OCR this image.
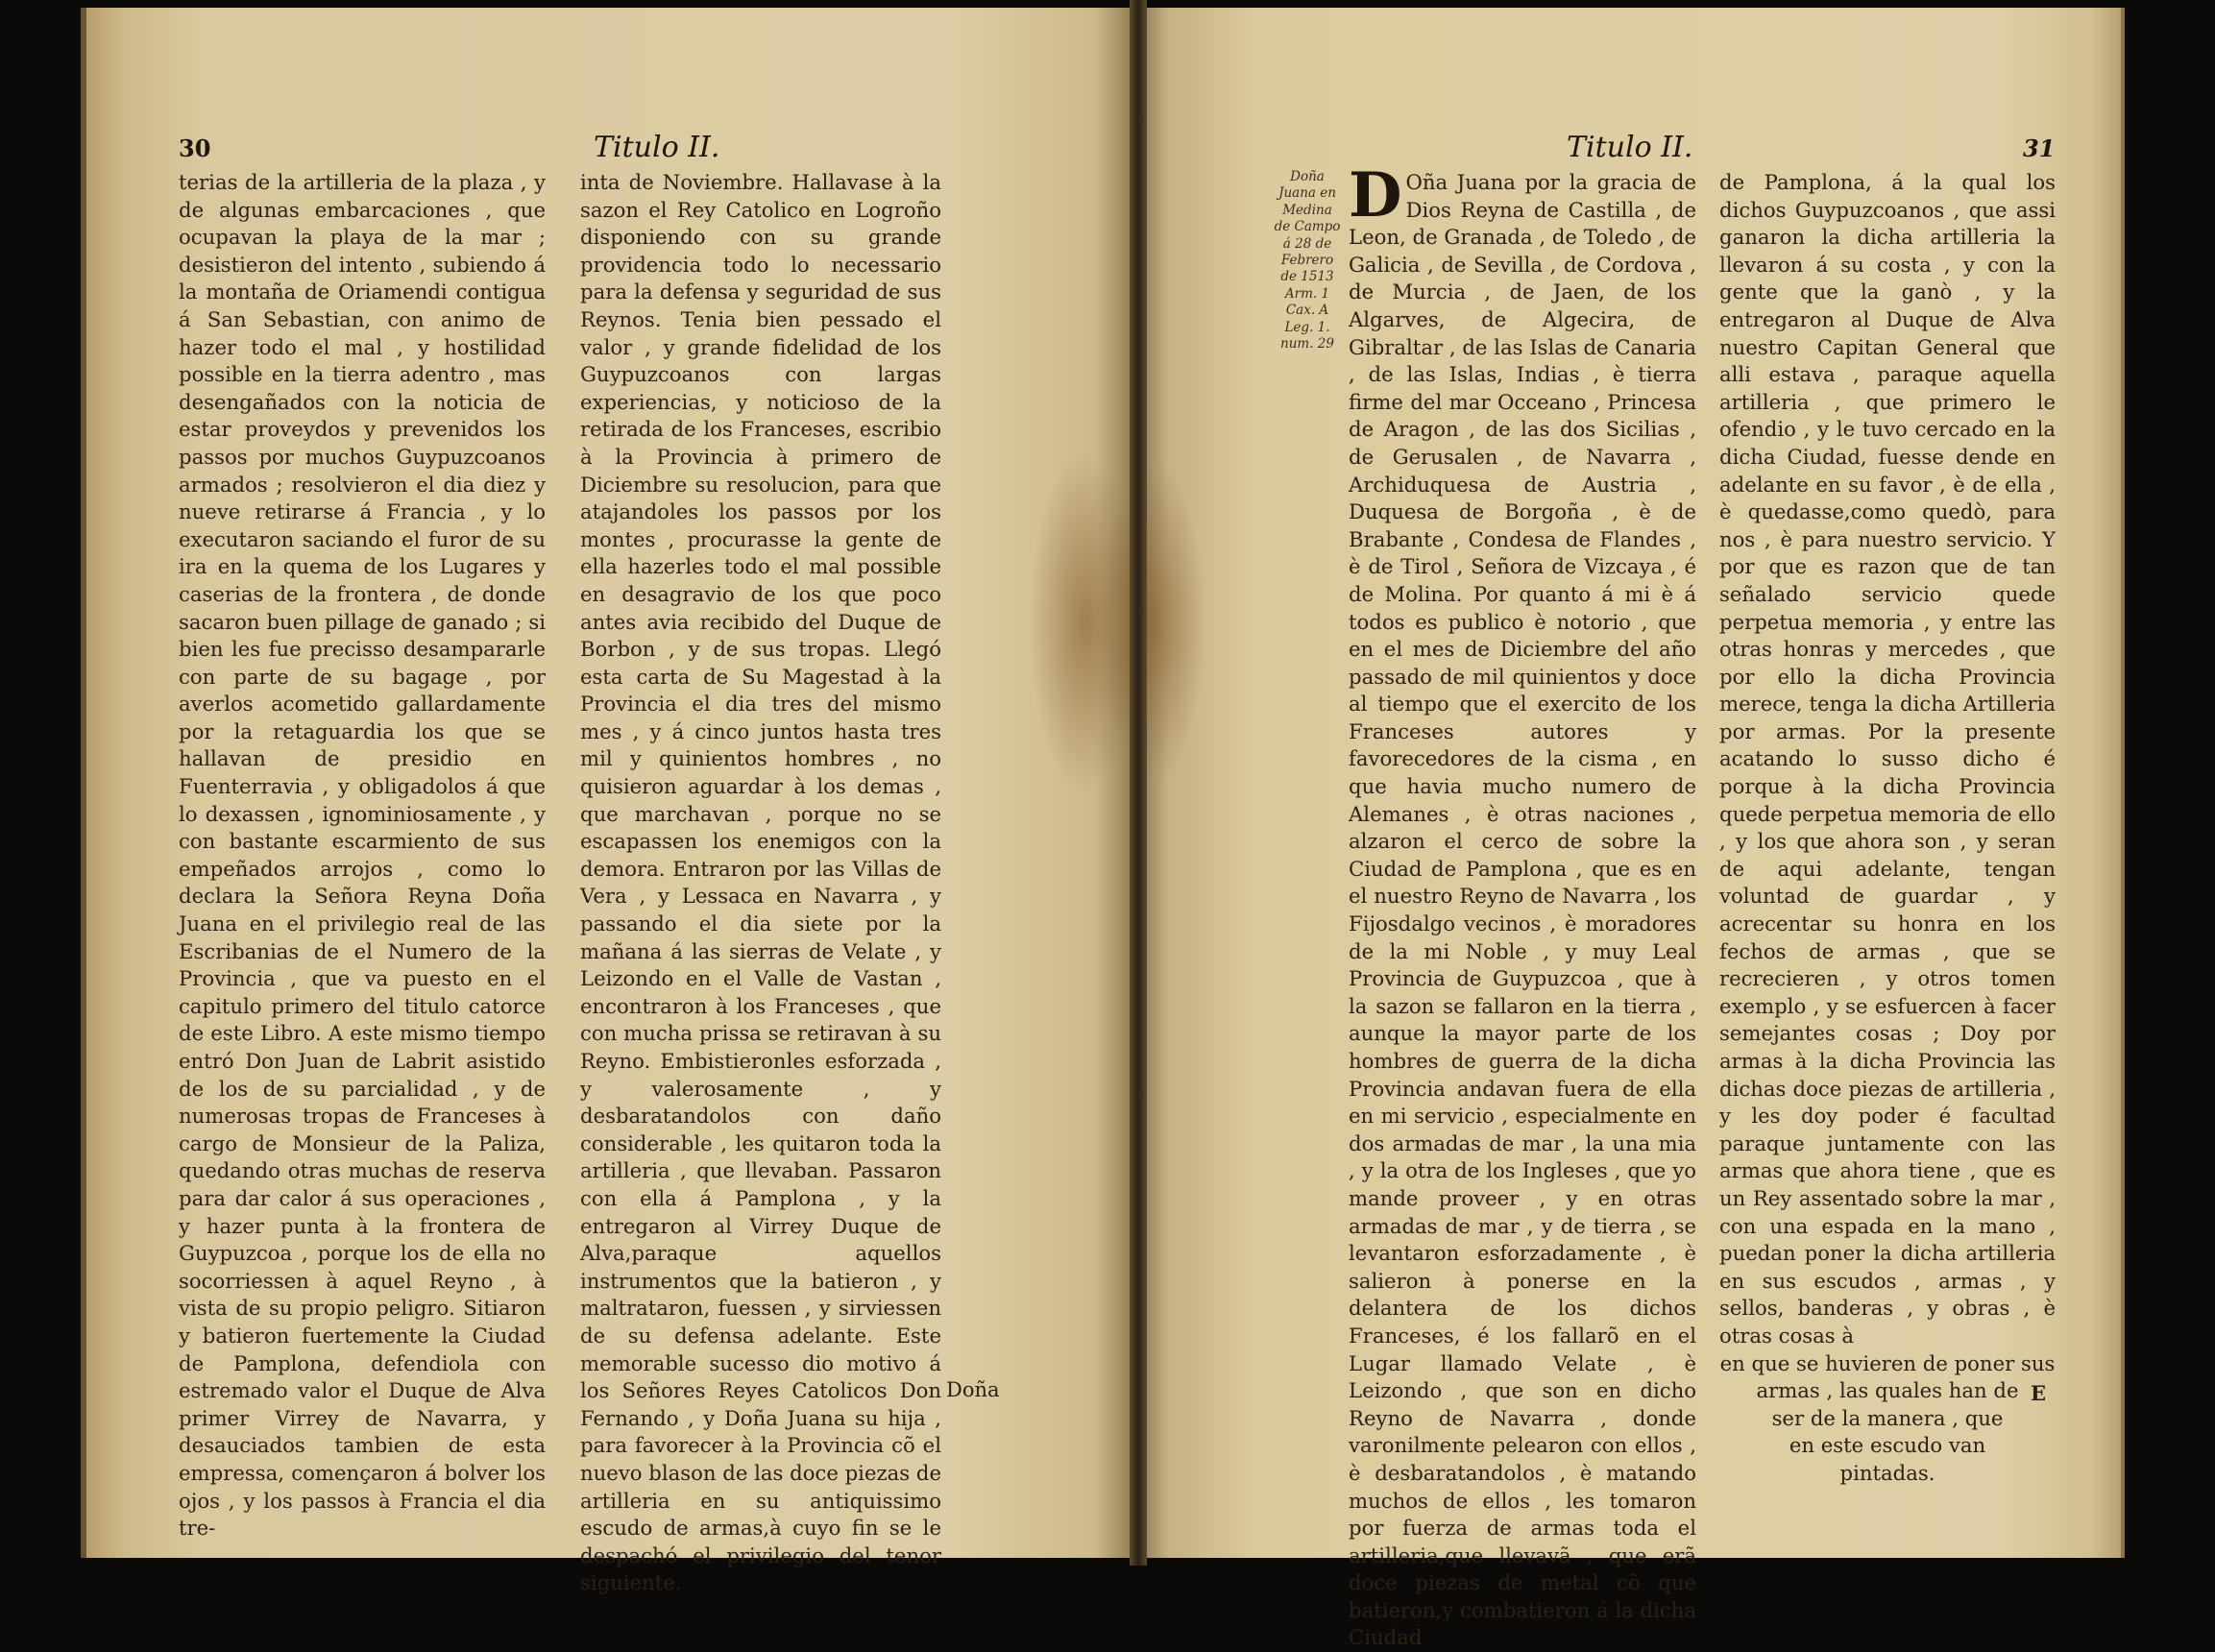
30	Titulo II.

terias de la artilleria de la plaza , y de algunas embarcaciones , que ocupavan la playa de la mar ; desistieron del intento , subiendo á la montaña de Oriamendi contigua á San Sebastian, con animo de hazer todo el mal , y hostilidad possible en la tierra adentro , mas desengañados con la noticia de estar proveydos y prevenidos los passos por muchos Guypuzcoanos armados ; resolvieron el dia diez y nueve retirarse á Francia , y lo executaron saciando el furor de su ira en la quema de los Lugares y caserias de la frontera , de donde sacaron buen pillage de ganado ; si bien les fue precisso desampararle con parte de su bagage , por averlos acometido gallardamente por la retaguardia los que se hallavan de presidio en Fuenterravia , y obligadolos á que lo dexassen , ignominiosamente , y con bastante escarmiento de sus empeñados arrojos , como lo declara la Señora Reyna Doña Juana en el privilegio real de las Escribanias de el Numero de la Provincia , que va puesto en el capitulo primero del titulo catorce de este Libro. A este mismo tiempo entró Don Juan de Labrit asistido de los de su parcialidad , y de numerosas tropas de Franceses à cargo de Monsieur de la Paliza, quedando otras muchas de reserva para dar calor á sus operaciones , y hazer punta à la frontera de Guypuzcoa , porque los de ella no socorriessen à aquel Reyno , à vista de su propio peligro. Sitiaron y batieron fuertemente la Ciudad de Pamplona, defendiola con estremado valor el Duque de Alva primer Virrey de Navarra, y desauciados tambien de esta empressa, començaron á bolver los ojos , y los passos à Francia el dia tre-

inta de Noviembre. Hallavase à la sazon el Rey Catolico en Logroño disponiendo con su grande providencia todo lo necessario para la defensa y seguridad de sus Reynos. Tenia bien pessado el valor , y grande fidelidad de los Guypuzcoanos con largas experiencias, y noticioso de la retirada de los Franceses, escribio à la Provincia à primero de Diciembre su resolucion, para que atajandoles los passos por los montes , procurasse la gente de ella hazerles todo el mal possible en desagravio de los que poco antes avia recibido del Duque de Borbon , y de sus tropas. Llegó esta carta de Su Magestad à la Provincia el dia tres del mismo mes , y á cinco juntos hasta tres mil y quinientos hombres , no quisieron aguardar à los demas , que marchavan , porque no se escapassen los enemigos con la demora. Entraron por las Villas de Vera , y Lessaca en Navarra , y passando el dia siete por la mañana á las sierras de Velate , y Leizondo en el Valle de Vastan , encontraron à los Franceses , que con mucha prissa se retiravan à su Reyno. Embistieronles esforzada , y valerosamente , y desbaratandolos con daño considerable , les quitaron toda la artilleria , que llevaban. Passaron con ella á Pamplona , y la entregaron al Virrey Duque de Alva,paraque aquellos instrumentos que la batieron , y maltrataron, fuessen , y sirviessen de su defensa adelante. Este memorable sucesso dio motivo á los Señores Reyes Catolicos Don Fernando , y Doña Juana su hija , para favorecer à la Provincia cõ el nuevo blason de las doce piezas de artilleria en su antiquissimo escudo de armas,à cuyo fin se le despachó el privilegio del tenor siguiente.

Doña
Titulo II.	31
Doña Juana en Medina de Campo á 28 de Febrero de 1513 Arm. 1 Cax. A Leg. 1. num. 29
D Oña Juana por la gracia de Dios Reyna de Castilla , de Leon, de Granada , de Toledo , de Galicia , de Sevilla , de Cordova , de Murcia , de Jaen, de los Algarves, de Algecira, de Gibraltar , de las Islas de Canaria , de las Islas, Indias , è tierra firme del mar Occeano , Princesa de Aragon , de las dos Sicilias , de Gerusalen , de Navarra , Archiduquesa de Austria , Duquesa de Borgoña , è de Brabante , Condesa de Flandes , è de Tirol , Señora de Vizcaya , é de Molina. Por quanto á mi è á todos es publico è notorio , que en el mes de Diciembre del año passado de mil quinientos y doce al tiempo que el exercito de los Franceses autores y favorecedores de la cisma , en que havia mucho numero de Alemanes , è otras naciones , alzaron el cerco de sobre la Ciudad de Pamplona , que es en el nuestro Reyno de Navarra , los Fijosdalgo vecinos , è moradores de la mi Noble , y muy Leal Provincia de Guypuzcoa , que à la sazon se fallaron en la tierra , aunque la mayor parte de los hombres de guerra de la dicha Provincia andavan fuera de ella en mi servicio , especialmente en dos armadas de mar , la una mia , y la otra de los Ingleses , que yo mande proveer , y en otras armadas de mar , y de tierra , se levantaron esforzadamente , è salieron à ponerse en la delantera de los dichos Franceses, é los fallarõ en el Lugar llamado Velate , è Leizondo , que son en dicho Reyno de Navarra , donde varonilmente pelearon con ellos , è desbaratandolos , è matando muchos de ellos , les tomaron por fuerza de armas toda el artilleria,que llevavã , que erã doce piezas de metal cõ que batieron,y combatieron á la dicha Ciudad

de Pamplona, á la qual los dichos Guypuzcoanos , que assi ganaron la dicha artilleria la llevaron á su costa , y con la gente que la ganò , y la entregaron al Duque de Alva nuestro Capitan General que alli estava , paraque aquella artilleria , que primero le ofendio , y le tuvo cercado en la dicha Ciudad, fuesse dende en adelante en su favor , è de ella , è quedasse,como quedò, para nos , è para nuestro servicio. Y por que es razon que de tan señalado servicio quede perpetua memoria , y entre las otras honras y mercedes , que por ello la dicha Provincia merece, tenga la dicha Artilleria por armas. Por la presente acatando lo susso dicho é porque à la dicha Provincia quede perpetua memoria de ello , y los que ahora son , y seran de aqui adelante, tengan voluntad de guardar , y acrecentar su honra en los fechos de armas , que se recrecieren , y otros tomen exemplo , y se esfuercen à facer semejantes cosas ; Doy por armas à la dicha Provincia las dichas doce piezas de artilleria , y les doy poder é facultad paraque juntamente con las armas que ahora tiene , que es un Rey assentado sobre la mar , con una espada en la mano , puedan poner la dicha artilleria en sus escudos , armas , y sellos, banderas , y obras , è otras cosas à

en que se huvieren de poner sus
armas , las quales han de
ser de la manera , que
en este escudo van
pintadas.
E
